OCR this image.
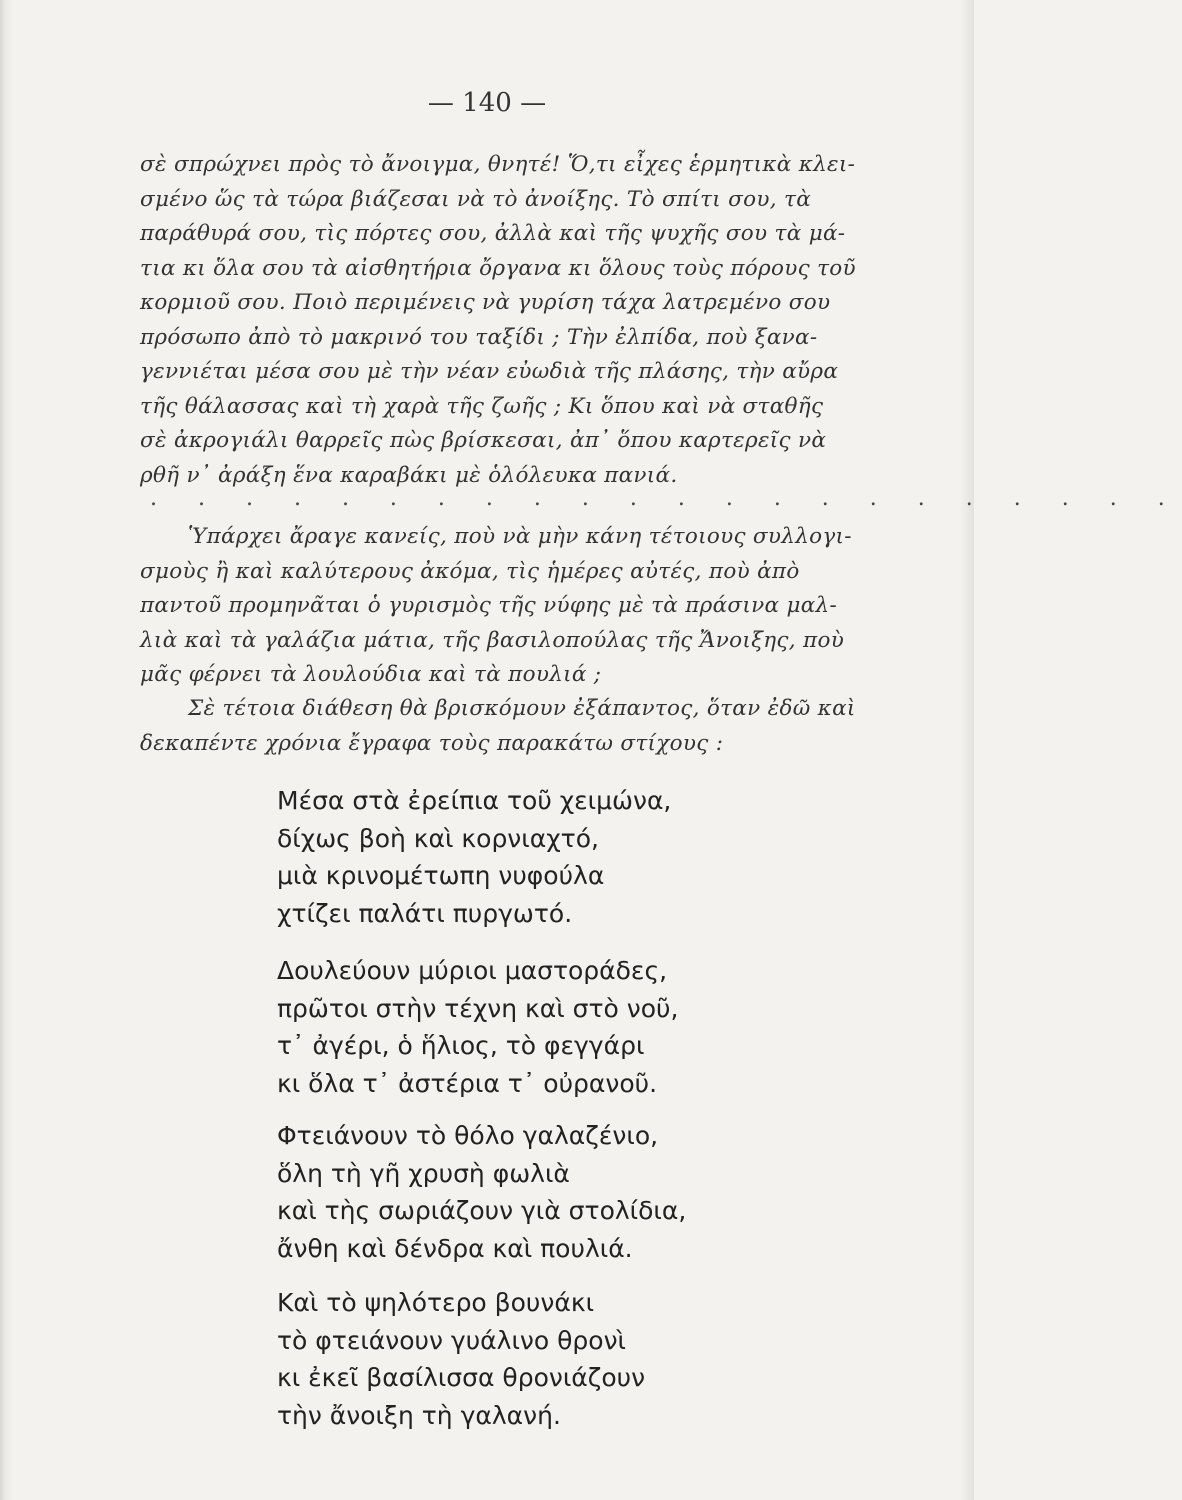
— 140 —
σὲ σπρώχνει πρὸς τὸ ἄνοιγμα, θνητέ! Ὅ,τι εἶχες ἑρμητικὰ κλει-
σμένο ὥς τὰ τώρα βιάζεσαι νὰ τὸ ἀνοίξης. Τὸ σπίτι σου, τὰ
παράθυρά σου, τὶς πόρτες σου, ἀλλὰ καὶ τῆς ψυχῆς σου τὰ μά-
τια κι ὅλα σου τὰ αἰσθητήρια ὄργανα κι ὅλους τοὺς πόρους τοῦ
κορμιοῦ σου. Ποιὸ περιμένεις νὰ γυρίση τάχα λατρεμένο σου
πρόσωπο ἀπὸ τὸ μακρινό του ταξίδι ; Τὴν ἐλπίδα, ποὺ ξανα-
γεννιέται μέσα σου μὲ τὴν νέαν εὐωδιὰ τῆς πλάσης, τὴν αὔρα
τῆς θάλασσας καὶ τὴ χαρὰ τῆς ζωῆς ; Κι ὅπου καὶ νὰ σταθῆς
σὲ ἀκρογιάλι θαρρεῖς πὼς βρίσκεσαι, ἀπ᾽ ὅπου καρτερεῖς νὰ
ρθῆ ν᾽ ἀράξη ἕνα καραβάκι μὲ ὁλόλευκα πανιά.
. . . . . . . . . . . . . . . . . . . . . .
Ὑπάρχει ἄραγε κανείς, ποὺ νὰ μὴν κάνη τέτοιους συλλογι-
σμοὺς ἢ καὶ καλύτερους ἀκόμα, τὶς ἡμέρες αὐτές, ποὺ ἀπὸ
παντοῦ προμηνᾶται ὁ γυρισμὸς τῆς νύφης μὲ τὰ πράσινα μαλ-
λιὰ καὶ τὰ γαλάζια μάτια, τῆς βασιλοπούλας τῆς Ἄνοιξης, ποὺ
μᾶς φέρνει τὰ λουλούδια καὶ τὰ πουλιά ;
Σὲ τέτοια διάθεση θὰ βρισκόμουν ἐξάπαντος, ὅταν ἐδῶ καὶ
δεκαπέντε χρόνια ἔγραφα τοὺς παρακάτω στίχους :
Μέσα στὰ ἐρείπια τοῦ χειμώνα,
δίχως βοὴ καὶ κορνιαχτό,
μιὰ κρινομέτωπη νυφούλα
χτίζει παλάτι πυργωτό.
Δουλεύουν μύριοι μαστοράδες,
πρῶτοι στὴν τέχνη καὶ στὸ νοῦ,
τ᾽ ἀγέρι, ὁ ἥλιος, τὸ φεγγάρι
κι ὅλα τ᾽ ἀστέρια τ᾽ οὐρανοῦ.
Φτειάνουν τὸ θόλο γαλαζένιο,
ὅλη τὴ γῆ χρυσὴ φωλιὰ
καὶ τὴς σωριάζουν γιὰ στολίδια,
ἄνθη καὶ δένδρα καὶ πουλιά.
Καὶ τὸ ψηλότερο βουνάκι
τὸ φτειάνουν γυάλινο θρονὶ
κι ἐκεῖ βασίλισσα θρονιάζουν
τὴν ἄνοιξη τὴ γαλανή.
